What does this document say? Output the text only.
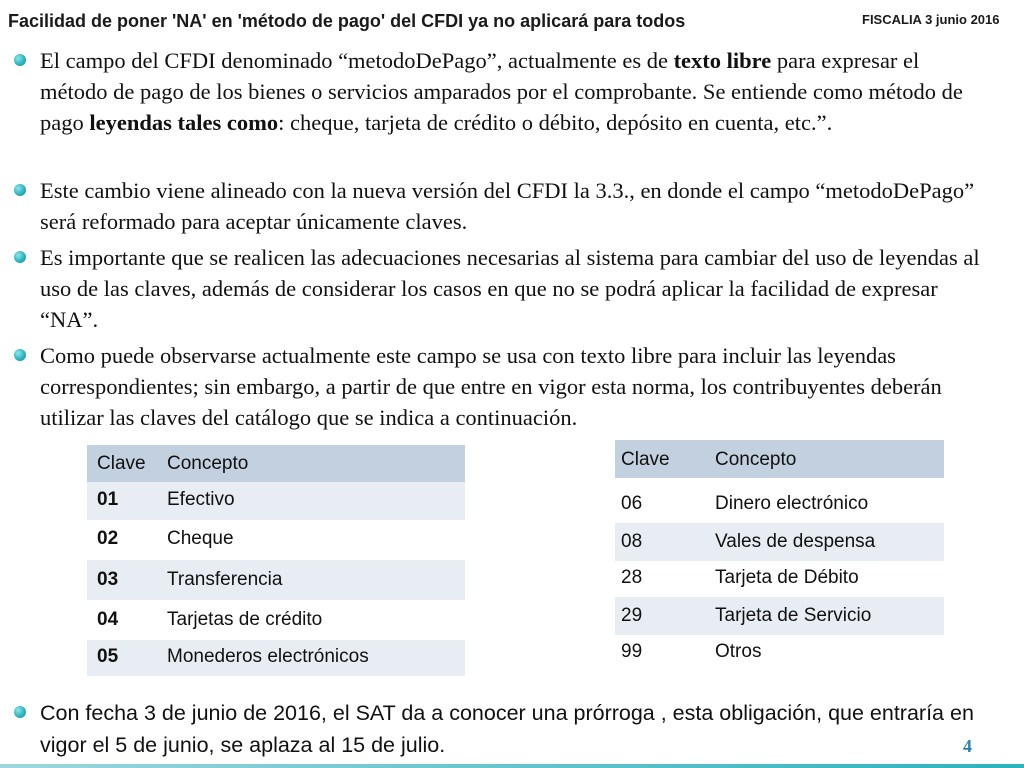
Facilidad de poner 'NA' en 'método de pago' del CFDI ya no aplicará para todos	FISCALIA 3 junio 2016
El campo del CFDI denominado “metodoDePago”, actualmente es de texto libre para expresar el método de pago de los bienes o servicios amparados por el comprobante. Se entiende como método de pago leyendas tales como: cheque, tarjeta de crédito o débito, depósito en cuenta, etc.”.
Este cambio viene alineado con la nueva versión del CFDI la 3.3., en donde el campo “metodoDePago” será reformado para aceptar únicamente claves.
Es importante que se realicen las adecuaciones necesarias al sistema para cambiar del uso de leyendas al uso de las claves, además de considerar los casos en que no se podrá aplicar la facilidad de expresar “NA”.
Como puede observarse actualmente este campo se usa con texto libre para incluir las leyendas correspondientes; sin embargo, a partir de que entre en vigor esta norma, los contribuyentes deberán utilizar las claves del catálogo que se indica a continuación.
Con fecha 3 de junio de 2016, el SAT da a conocer una prórroga , esta obligación, que entraría en vigor el 5 de junio, se aplaza al 15 de julio.
Clave Concepto
01	Efectivo
02	Cheque
03	Transferencia
04	Tarjetas de crédito
05	Monederos electrónicos
Clave Concepto
06	Dinero electrónico
08	Vales de despensa
28	Tarjeta de Débito
29	Tarjeta de Servicio
99	Otros
4
